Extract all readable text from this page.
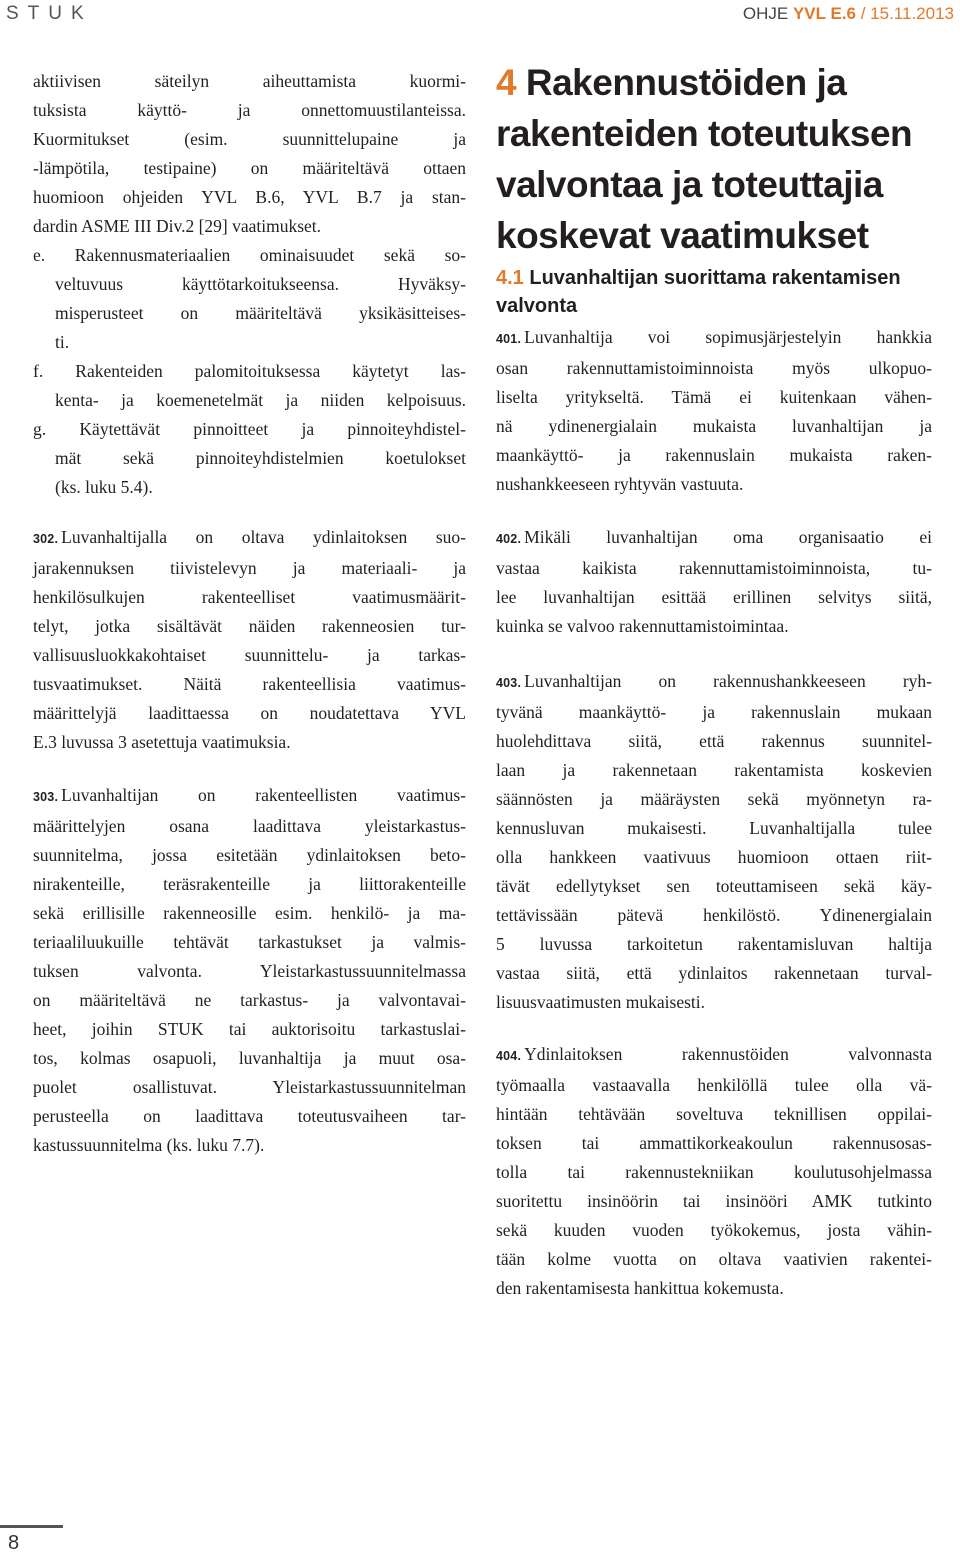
STUK	OHJE YVL E.6 / 15.11.2013
aktiivisen säteilyn aiheuttamista kuormi-
tuksista käyttö- ja onnettomuustilanteissa.
Kuormitukset (esim. suunnittelupaine ja
-lämpötila, testipaine) on määriteltävä ottaen
huomioon ohjeiden YVL B.6, YVL B.7 ja stan-
dardin ASME III Div.2 [29] vaatimukset.
e. Rakennusmateriaalien ominaisuudet sekä so-
veltuvuus käyttötarkoitukseensa. Hyväksy-
misperusteet on määriteltävä yksikäsitteises-
ti.
f. Rakenteiden palomitoituksessa käytetyt las-
kenta- ja koemenetelmät ja niiden kelpoisuus.
g. Käytettävät pinnoitteet ja pinnoiteyhdistel-
mät sekä pinnoiteyhdistelmien koetulokset
(ks. luku 5.4).
302. Luvanhaltijalla on oltava ydinlaitoksen suo-
jarakennuksen tiivistelevyn ja materiaali- ja
henkilösulkujen rakenteelliset vaatimusmäärit-
telyt, jotka sisältävät näiden rakenneosien tur-
vallisuusluokkakohtaiset suunnittelu- ja tarkas-
tusvaatimukset. Näitä rakenteellisia vaatimus-
määrittelyjä laadittaessa on noudatettava YVL
E.3 luvussa 3 asetettuja vaatimuksia.
303. Luvanhaltijan on rakenteellisten vaatimus-
määrittelyjen osana laadittava yleistarkastus-
suunnitelma, jossa esitetään ydinlaitoksen beto-
nirakenteille, teräsrakenteille ja liittorakenteille
sekä erillisille rakenneosille esim. henkilö- ja ma-
teriaaliluukuille tehtävät tarkastukset ja valmis-
tuksen valvonta. Yleistarkastussuunnitelmassa
on määriteltävä ne tarkastus- ja valvontavai-
heet, joihin STUK tai auktorisoitu tarkastuslai-
tos, kolmas osapuoli, luvanhaltija ja muut osa-
puolet osallistuvat. Yleistarkastussuunnitelman
perusteella on laadittava toteutusvaiheen tar-
kastussuunnitelma (ks. luku 7.7).
4 Rakennustöiden ja rakenteiden toteutuksen valvontaa ja toteuttajia koskevat vaatimukset
4.1 Luvanhaltijan suorittama rakentamisen valvonta
401. Luvanhaltija voi sopimusjärjestelyin hankkia
osan rakennuttamistoiminnoista myös ulkopuo-
liselta yritykseltä. Tämä ei kuitenkaan vähen-
nä ydinenergialain mukaista luvanhaltijan ja
maankäyttö- ja rakennuslain mukaista raken-
nushankkeeseen ryhtyvän vastuuta.
402. Mikäli luvanhaltijan oma organisaatio ei
vastaa kaikista rakennuttamistoiminnoista, tu-
lee luvanhaltijan esittää erillinen selvitys siitä,
kuinka se valvoo rakennuttamistoimintaa.
403. Luvanhaltijan on rakennushankkeeseen ryh-
tyvänä maankäyttö- ja rakennuslain mukaan
huolehdittava siitä, että rakennus suunnitel-
laan ja rakennetaan rakentamista koskevien
säännösten ja määräysten sekä myönnetyn ra-
kennusluvan mukaisesti. Luvanhaltijalla tulee
olla hankkeen vaativuus huomioon ottaen riit-
tävät edellytykset sen toteuttamiseen sekä käy-
tettävissään pätevä henkilöstö. Ydinenergialain
5 luvussa tarkoitetun rakentamisluvan haltija
vastaa siitä, että ydinlaitos rakennetaan turval-
lisuusvaatimusten mukaisesti.
404. Ydinlaitoksen rakennustöiden valvonnasta
työmaalla vastaavalla henkilöllä tulee olla vä-
hintään tehtävään soveltuva teknillisen oppilai-
toksen tai ammattikorkeakoulun rakennusosas-
tolla tai rakennustekniikan koulutusohjelmassa
suoritettu insinöörin tai insinööri AMK tutkinto
sekä kuuden vuoden työkokemus, josta vähin-
tään kolme vuotta on oltava vaativien rakentei-
den rakentamisesta hankittua kokemusta.
8
